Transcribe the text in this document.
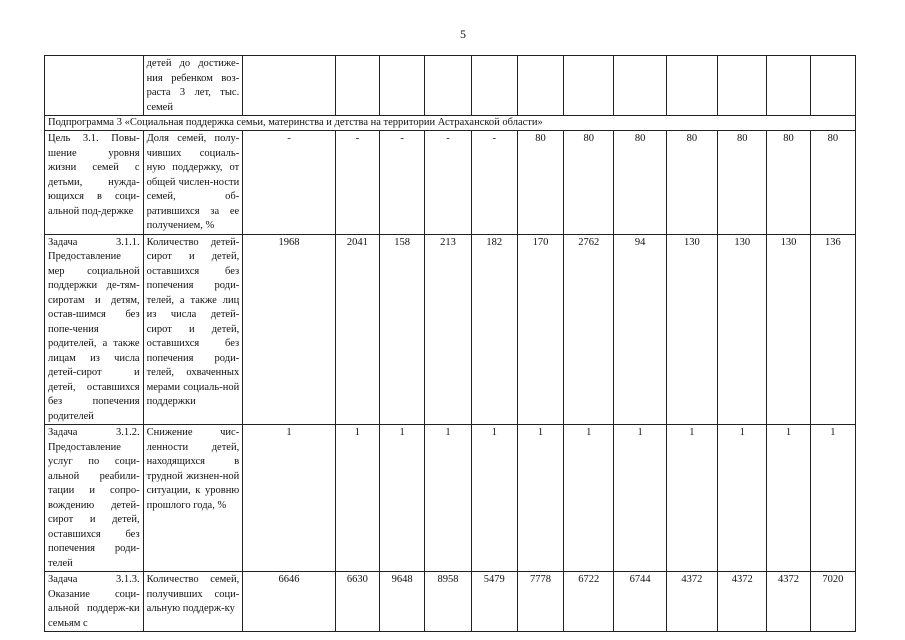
5
	детей до достиже-ния ребенком воз-раста 3 лет, тыс. семей												
Подпрограмма 3 «Социальная поддержка семьи, материнства и детства на территории Астраханской области»													
Цель 3.1. Повы-шение уровня жизни семей с детьми, нужда-ющихся в соци-альной под-держке	Доля семей, полу-чивших социаль-ную поддержку, от общей числен-ности семей, об-ратившихся за ее получением, %	-	-	-	-	-	80	80	80	80	80	80	80
Задача 3.1.1. Предоставление мер социальной поддержки де-тям-сиротам и детям, остав-шимся без попе-чения родителей, а также лицам из числа детей-сирот и детей, оставшихся без попечения родителей	Количество детей-сирот и детей, оставшихся без попечения роди-телей, а также лиц из числа детей-сирот и детей, оставшихся без попечения роди-телей, охваченных мерами социаль-ной поддержки	1968	2041	158	213	182	170	2762	94	130	130	130	136
Задача 3.1.2. Предоставление услуг по соци-альной реабили-тации и сопро-вождению детей-сирот и детей, оставшихся без попечения роди-телей	Снижение чис-ленности детей, находящихся в трудной жизнен-ной ситуации, к уровню прошлого года, %	1	1	1	1	1	1	1	1	1	1	1	1
Задача 3.1.3. Оказание соци-альной поддерж-ки семьям с	Количество семей, получивших соци-альную поддерж-ку	6646	6630	9648	8958	5479	7778	6722	6744	4372	4372	4372	7020
